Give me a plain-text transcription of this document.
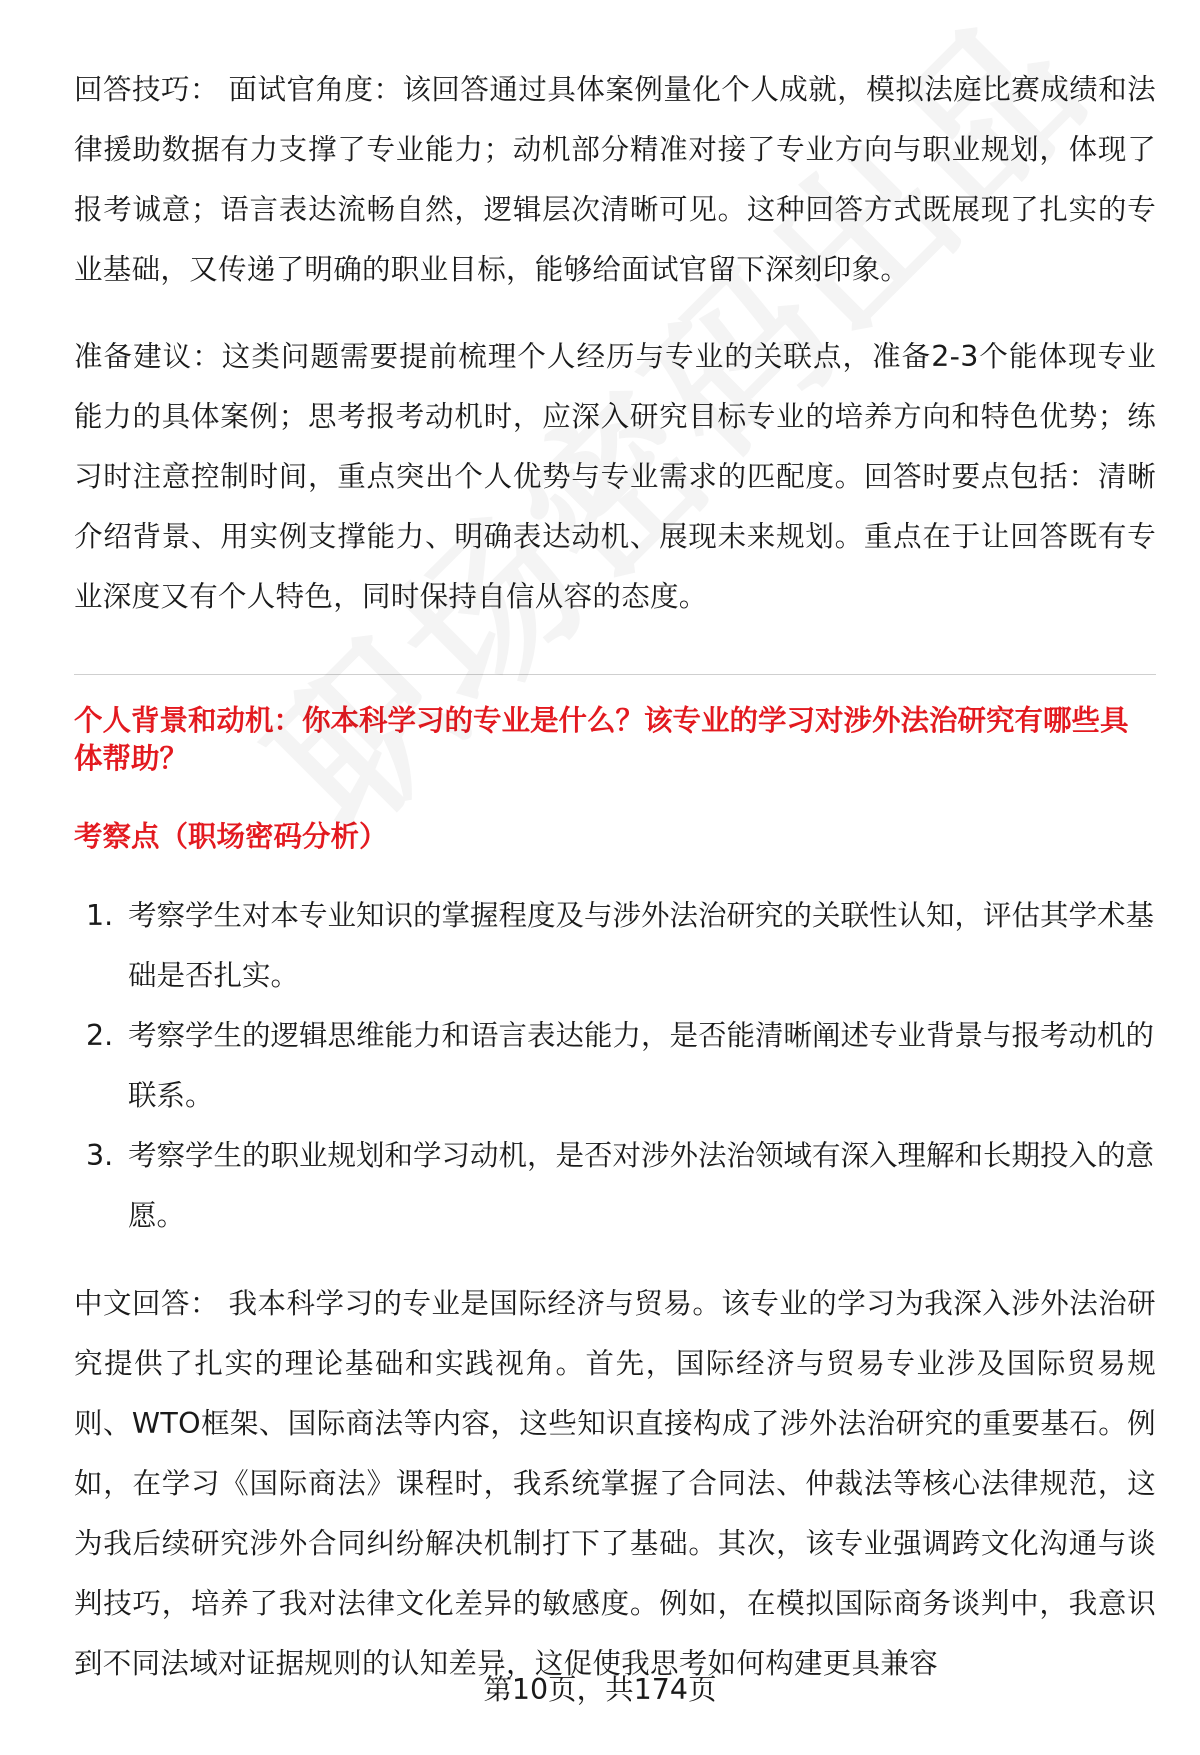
回答技巧： 面试官角度：该回答通过具体案例量化个人成就，模拟法庭比赛成绩和法律援助数据有力支撑了专业能力；动机部分精准对接了专业方向与职业规划，体现了报考诚意；语言表达流畅自然，逻辑层次清晰可见。这种回答方式既展现了扎实的专业基础，又传递了明确的职业目标，能够给面试官留下深刻印象。

准备建议：这类问题需要提前梳理个人经历与专业的关联点，准备2-3个能体现专业能力的具体案例；思考报考动机时，应深入研究目标专业的培养方向和特色优势；练习时注意控制时间，重点突出个人优势与专业需求的匹配度。回答时要点包括：清晰介绍背景、用实例支撑能力、明确表达动机、展现未来规划。重点在于让回答既有专业深度又有个人特色，同时保持自信从容的态度。

个人背景和动机：你本科学习的专业是什么？该专业的学习对涉外法治研究有哪些具体帮助？

考察点（职场密码分析）

1. 考察学生对本专业知识的掌握程度及与涉外法治研究的关联性认知，评估其学术基础是否扎实。
2. 考察学生的逻辑思维能力和语言表达能力，是否能清晰阐述专业背景与报考动机的联系。
3. 考察学生的职业规划和学习动机，是否对涉外法治领域有深入理解和长期投入的意愿。

中文回答： 我本科学习的专业是国际经济与贸易。该专业的学习为我深入涉外法治研究提供了扎实的理论基础和实践视角。首先，国际经济与贸易专业涉及国际贸易规则、WTO框架、国际商法等内容，这些知识直接构成了涉外法治研究的重要基石。例如，在学习《国际商法》课程时，我系统掌握了合同法、仲裁法等核心法律规范，这为我后续研究涉外合同纠纷解决机制打下了基础。其次，该专业强调跨文化沟通与谈判技巧，培养了我对法律文化差异的敏感度。例如，在模拟国际商务谈判中，我意识到不同法域对证据规则的认知差异，这促使我思考如何构建更具兼容

第10页，共174页
